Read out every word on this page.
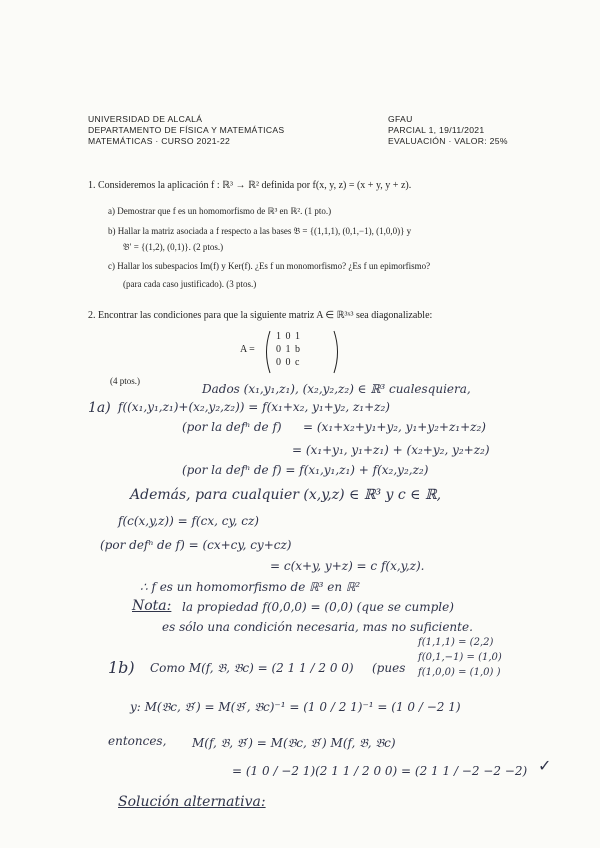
UNIVERSIDAD DE ALCALÁ
DEPARTAMENTO DE FÍSICA Y MATEMÁTICAS
MATEMÁTICAS · CURSO 2021-22
GFAU
PARCIAL 1, 19/11/2021
EVALUACIÓN · VALOR: 25%
1. Consideremos la aplicación f : ℝ³ → ℝ² definida por f(x, y, z) = (x + y, y + z).
a) Demostrar que f es un homomorfismo de ℝ³ en ℝ². (1 pto.)
b) Hallar la matriz asociada a f respecto a las bases 𝔅 = {(1,1,1), (0,1,−1), (1,0,0)} y
𝔅′ = {(1,2), (0,1)}. (2 ptos.)
c) Hallar los subespacios Im(f) y Ker(f). ¿Es f un monomorfismo? ¿Es f un epimorfismo?
(para cada caso justificado). (3 ptos.)
2. Encontrar las condiciones para que la siguiente matriz A ∈ ℝ³ˣ³ sea diagonalizable:
A =
1 0 1
0 1 b
0 0 c
(4 ptos.)
Dados (x₁,y₁,z₁), (x₂,y₂,z₂) ∈ ℝ³ cualesquiera,
1a) f((x₁,y₁,z₁)+(x₂,y₂,z₂)) = f(x₁+x₂, y₁+y₂, z₁+z₂)
(por la defⁿ de f) = (x₁+x₂+y₁+y₂, y₁+y₂+z₁+z₂)
= (x₁+y₁, y₁+z₁) + (x₂+y₂, y₂+z₂)
(por la defⁿ de f) = f(x₁,y₁,z₁) + f(x₂,y₂,z₂)
Además, para cualquier (x,y,z) ∈ ℝ³ y c ∈ ℝ,
f(c(x,y,z)) = f(cx, cy, cz)
(por defⁿ de f) = (cx+cy, cy+cz)
= c(x+y, y+z) = c f(x,y,z).
∴ f es un homomorfismo de ℝ³ en ℝ²
Nota: la propiedad f(0,0,0) = (0,0) (que se cumple)
es sólo una condición necesaria, mas no suficiente.
1b) Como M(f, 𝔅, 𝔅c) = (2 1 1 / 2 0 0) (pues
f(1,1,1) = (2,2)
f(0,1,−1) = (1,0)
f(1,0,0) = (1,0) )
y: M(𝔅c, 𝔅′) = M(𝔅′, 𝔅c)⁻¹ = (1 0 / 2 1)⁻¹ = (1 0 / −2 1)
entonces, M(f, 𝔅, 𝔅′) = M(𝔅c, 𝔅′) M(f, 𝔅, 𝔅c)
= (1 0 / −2 1)(2 1 1 / 2 0 0) = (2 1 1 / −2 −2 −2) ✓
Solución alternativa:
